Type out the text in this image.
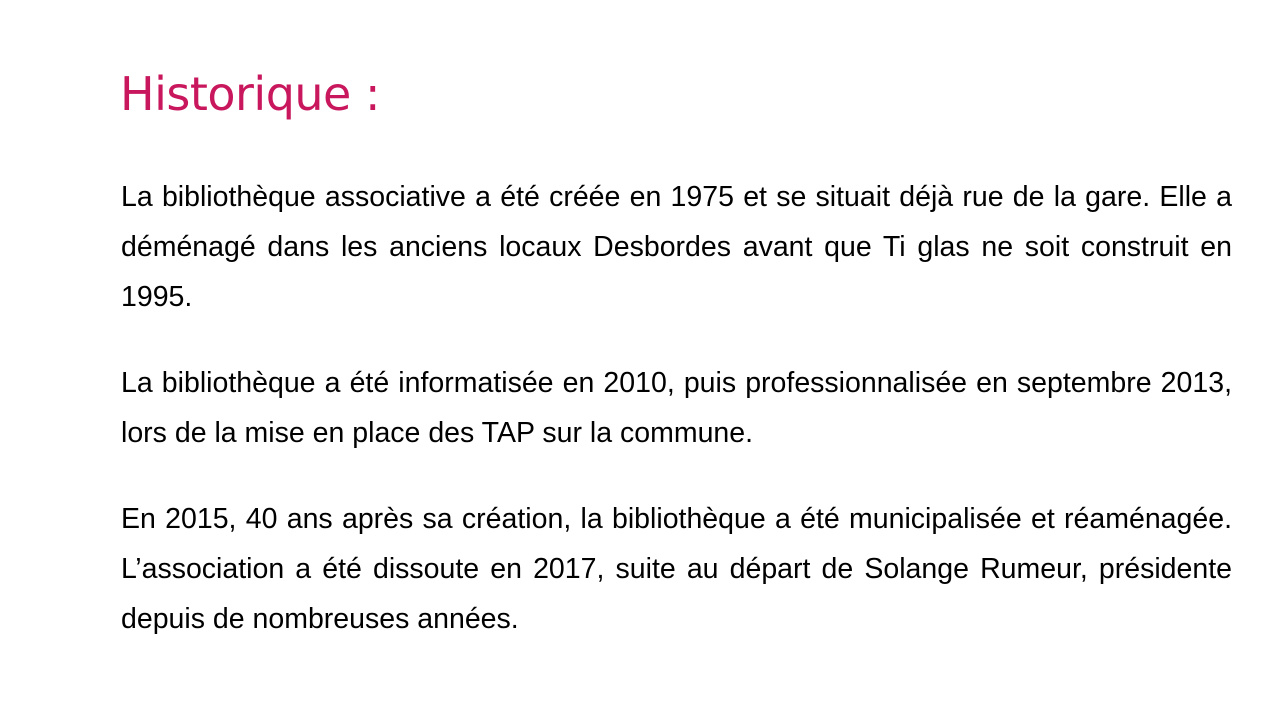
Historique :

La bibliothèque associative a été créée en 1975 et se situait déjà rue de la gare. Elle a déménagé dans les anciens locaux Desbordes avant que Ti glas ne soit construit en 1995.

La bibliothèque a été informatisée en 2010, puis professionnalisée en septembre 2013, lors de la mise en place des TAP sur la commune.

En 2015, 40 ans après sa création, la bibliothèque a été municipalisée et réaménagée. L’association a été dissoute en 2017, suite au départ de Solange Rumeur, présidente depuis de nombreuses années.
